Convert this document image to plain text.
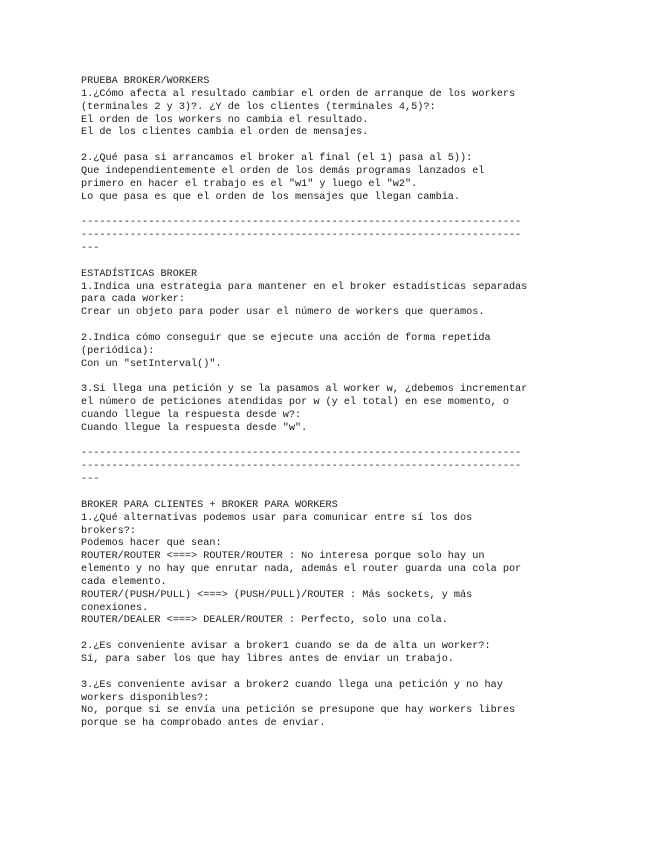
PRUEBA BROKER/WORKERS
1.¿Cómo afecta al resultado cambiar el orden de arranque de los workers
(terminales 2 y 3)?. ¿Y de los clientes (terminales 4,5)?:
El orden de los workers no cambia el resultado.
El de los clientes cambia el orden de mensajes.
2.¿Qué pasa si arrancamos el broker al final (el 1) pasa al 5)):
Que independientemente el orden de los demás programas lanzados el
primero en hacer el trabajo es el "w1" y luego el "w2".
Lo que pasa es que el orden de los mensajes que llegan cambia.
------------------------------------------------------------------------
------------------------------------------------------------------------
---
ESTADÍSTICAS BROKER
1.Indica una estrategia para mantener en el broker estadísticas separadas
para cada worker:
Crear un objeto para poder usar el número de workers que queramos.
2.Indica cómo conseguir que se ejecute una acción de forma repetida
(periódica):
Con un "setInterval()".
3.Si llega una petición y se la pasamos al worker w, ¿debemos incrementar
el número de peticiones atendidas por w (y el total) en ese momento, o
cuando llegue la respuesta desde w?:
Cuando llegue la respuesta desde "w".
------------------------------------------------------------------------
------------------------------------------------------------------------
---
BROKER PARA CLIENTES + BROKER PARA WORKERS
1.¿Qué alternativas podemos usar para comunicar entre sí los dos
brokers?:
Podemos hacer que sean:
ROUTER/ROUTER <===> ROUTER/ROUTER : No interesa porque solo hay un
elemento y no hay que enrutar nada, además el router guarda una cola por
cada elemento.
ROUTER/(PUSH/PULL) <===> (PUSH/PULL)/ROUTER : Más sockets, y más
conexiones.
ROUTER/DEALER <===> DEALER/ROUTER : Perfecto, solo una cola.
2.¿Es conveniente avisar a broker1 cuando se da de alta un worker?:
Sí, para saber los que hay libres antes de enviar un trabajo.
3.¿Es conveniente avisar a broker2 cuando llega una petición y no hay
workers disponibles?:
No, porque si se envía una petición se presupone que hay workers libres
porque se ha comprobado antes de enviar.
